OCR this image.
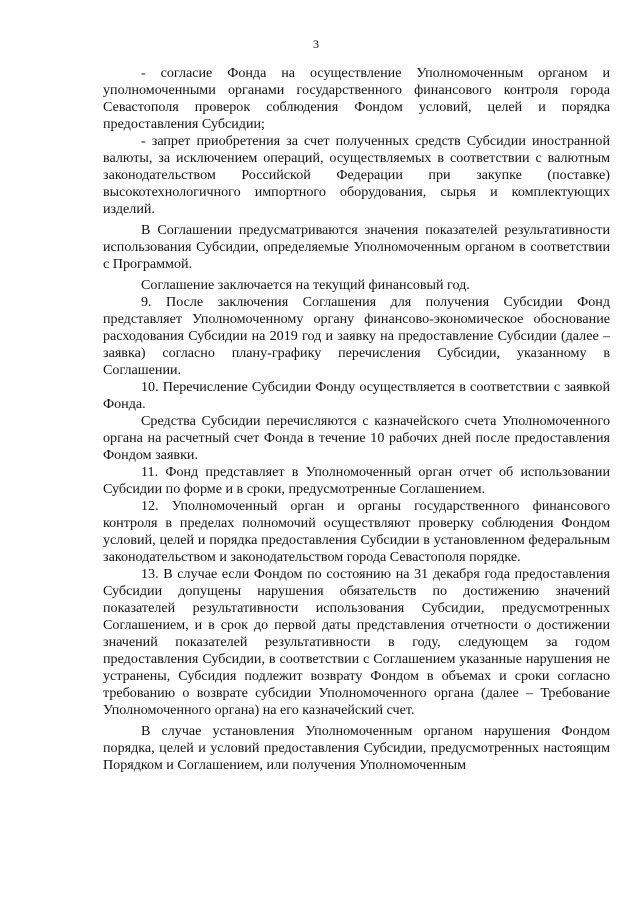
3

- согласие Фонда на осуществление Уполномоченным органом и уполномоченными органами государственного финансового контроля города Севастополя проверок соблюдения Фондом условий, целей и порядка предоставления Субсидии;

- запрет приобретения за счет полученных средств Субсидии иностранной валюты, за исключением операций, осуществляемых в соответствии с валютным законодательством Российской Федерации при закупке (поставке) высокотехнологичного импортного оборудования, сырья и комплектующих изделий.

В Соглашении предусматриваются значения показателей результативности использования Субсидии, определяемые Уполномоченным органом в соответствии с Программой.

Соглашение заключается на текущий финансовый год.

9. После заключения Соглашения для получения Субсидии Фонд представляет Уполномоченному органу финансово-экономическое обоснование расходования Субсидии на 2019 год и заявку на предоставление Субсидии (далее – заявка) согласно плану-графику перечисления Субсидии, указанному в Соглашении.

10. Перечисление Субсидии Фонду осуществляется в соответствии с заявкой Фонда.

Средства Субсидии перечисляются с казначейского счета Уполномоченного органа на расчетный счет Фонда в течение 10 рабочих дней после предоставления Фондом заявки.

11. Фонд представляет в Уполномоченный орган отчет об использовании Субсидии по форме и в сроки, предусмотренные Соглашением.

12. Уполномоченный орган и органы государственного финансового контроля в пределах полномочий осуществляют проверку соблюдения Фондом условий, целей и порядка предоставления Субсидии в установленном федеральным законодательством и законодательством города Севастополя порядке.

13. В случае если Фондом по состоянию на 31 декабря года предоставления Субсидии допущены нарушения обязательств по достижению значений показателей результативности использования Субсидии, предусмотренных Соглашением, и в срок до первой даты представления отчетности о достижении значений показателей результативности в году, следующем за годом предоставления Субсидии, в соответствии с Соглашением указанные нарушения не устранены, Субсидия подлежит возврату Фондом в объемах и сроки согласно требованию о возврате субсидии Уполномоченного органа (далее – Требование Уполномоченного органа) на его казначейский счет.

В случае установления Уполномоченным органом нарушения Фондом порядка, целей и условий предоставления Субсидии, предусмотренных настоящим Порядком и Соглашением, или получения Уполномоченным
